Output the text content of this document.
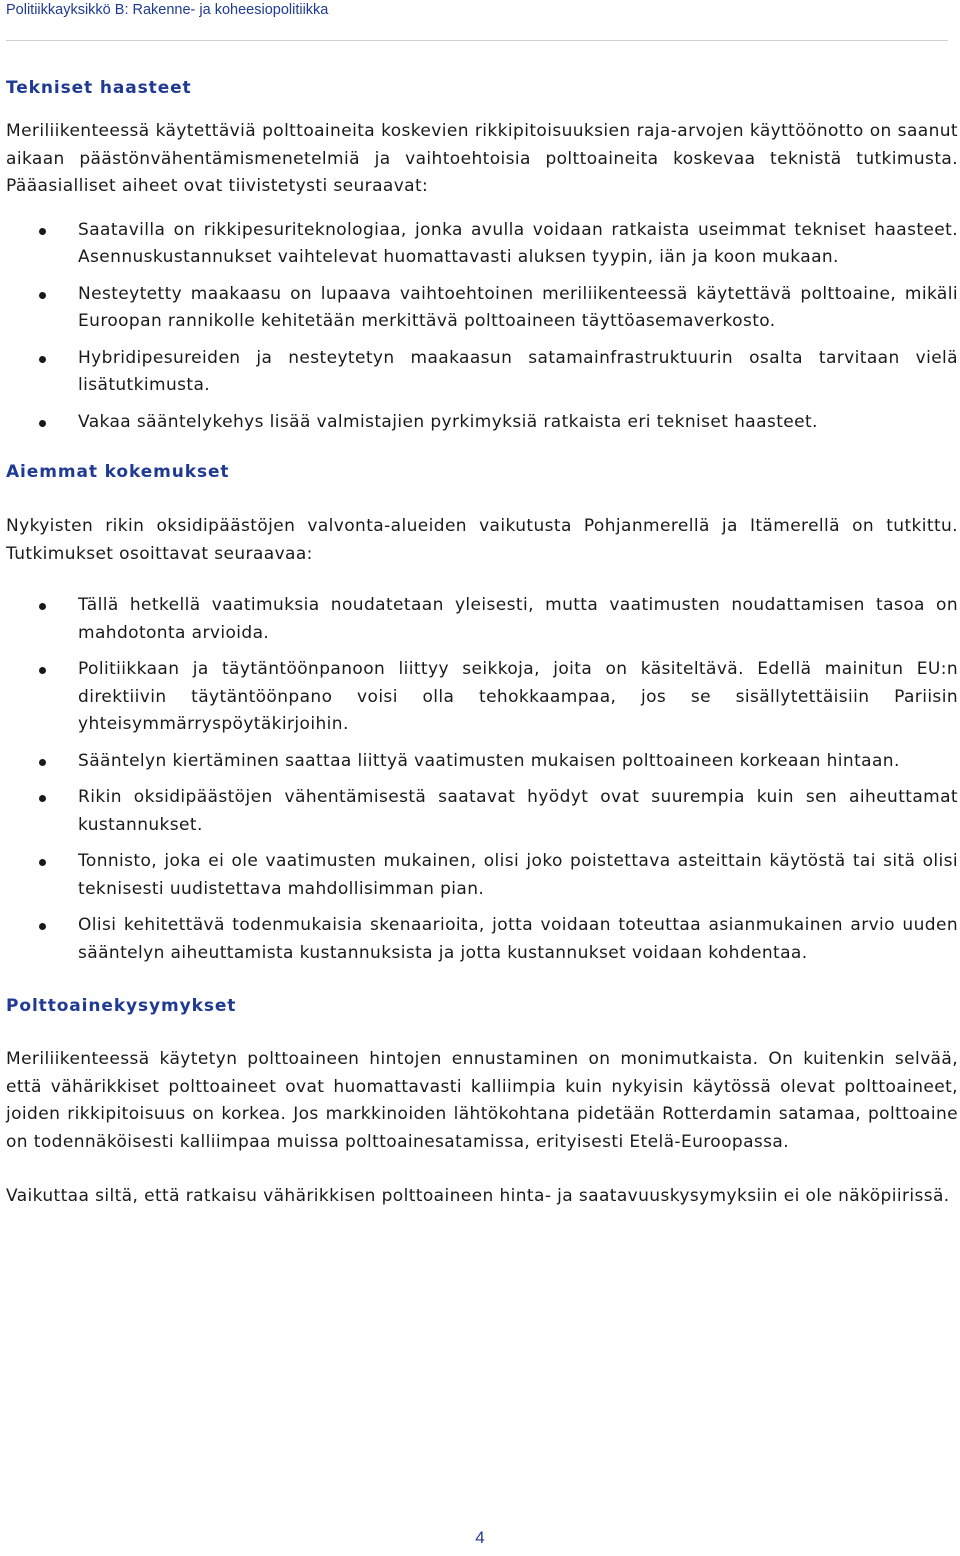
Politiikkayksikkö B: Rakenne- ja koheesiopolitiikka
Tekniset haasteet

Meriliikenteessä käytettäviä polttoaineita koskevien rikkipitoisuuksien raja-arvojen käyttöönotto on saanut aikaan päästönvähentämismenetelmiä ja vaihtoehtoisia polttoaineita koskevaa teknistä tutkimusta. Pääasialliset aiheet ovat tiivistetysti seuraavat:

Saatavilla on rikkipesuriteknologiaa, jonka avulla voidaan ratkaista useimmat tekniset haasteet. Asennuskustannukset vaihtelevat huomattavasti aluksen tyypin, iän ja koon mukaan.
Nesteytetty maakaasu on lupaava vaihtoehtoinen meriliikenteessä käytettävä polttoaine, mikäli Euroopan rannikolle kehitetään merkittävä polttoaineen täyttöasemaverkosto.
Hybridipesureiden ja nesteytetyn maakaasun satamainfrastruktuurin osalta tarvitaan vielä lisätutkimusta.
Vakaa sääntelykehys lisää valmistajien pyrkimyksiä ratkaista eri tekniset haasteet.
Aiemmat kokemukset

Nykyisten rikin oksidipäästöjen valvonta-alueiden vaikutusta Pohjanmerellä ja Itämerellä on tutkittu. Tutkimukset osoittavat seuraavaa:

Tällä hetkellä vaatimuksia noudatetaan yleisesti, mutta vaatimusten noudattamisen tasoa on mahdotonta arvioida.
Politiikkaan ja täytäntöönpanoon liittyy seikkoja, joita on käsiteltävä. Edellä mainitun EU:n direktiivin täytäntöönpano voisi olla tehokkaampaa, jos se sisällytettäisiin Pariisin yhteisymmärryspöytäkirjoihin.
Sääntelyn kiertäminen saattaa liittyä vaatimusten mukaisen polttoaineen korkeaan hintaan.
Rikin oksidipäästöjen vähentämisestä saatavat hyödyt ovat suurempia kuin sen aiheuttamat kustannukset.
Tonnisto, joka ei ole vaatimusten mukainen, olisi joko poistettava asteittain käytöstä tai sitä olisi teknisesti uudistettava mahdollisimman pian.
Olisi kehitettävä todenmukaisia skenaarioita, jotta voidaan toteuttaa asianmukainen arvio uuden sääntelyn aiheuttamista kustannuksista ja jotta kustannukset voidaan kohdentaa.
Polttoainekysymykset

Meriliikenteessä käytetyn polttoaineen hintojen ennustaminen on monimutkaista. On kuitenkin selvää, että vähärikkiset polttoaineet ovat huomattavasti kalliimpia kuin nykyisin käytössä olevat polttoaineet, joiden rikkipitoisuus on korkea. Jos markkinoiden lähtökohtana pidetään Rotterdamin satamaa, polttoaine on todennäköisesti kalliimpaa muissa polttoainesatamissa, erityisesti Etelä-Euroopassa.

Vaikuttaa siltä, että ratkaisu vähärikkisen polttoaineen hinta- ja saatavuuskysymyksiin ei ole näköpiirissä.

4
